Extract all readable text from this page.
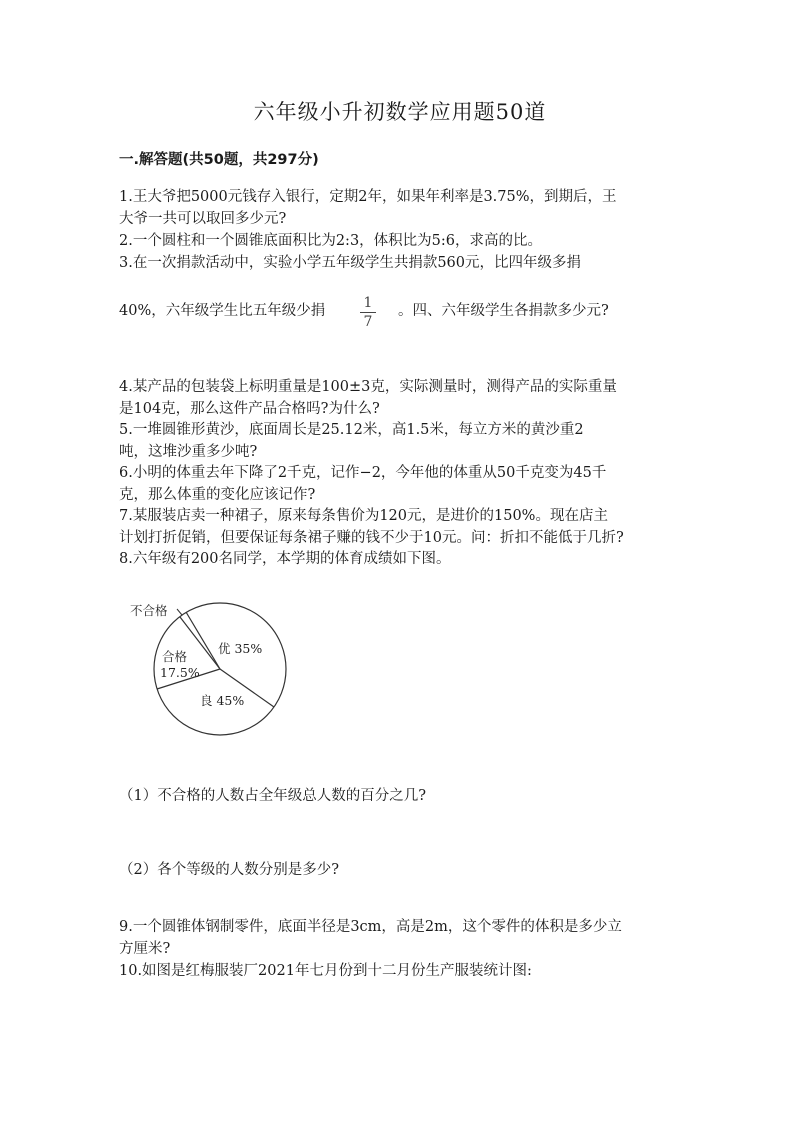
六年级小升初数学应用题50道
一.解答题(共50题，共297分)
1.王大爷把5000元钱存入银行，定期2年，如果年利率是3.75%，到期后，王
大爷一共可以取回多少元?
2.一个圆柱和一个圆锥底面积比为2:3，体积比为5:6，求高的比。
3.在一次捐款活动中，实验小学五年级学生共捐款560元，比四年级多捐
40%，六年级学生比五年级少捐	1
7
。四、六年级学生各捐款多少元?
4.某产品的包装袋上标明重量是100±3克，实际测量时，测得产品的实际重量
是104克，那么这件产品合格吗?为什么?
5.一堆圆锥形黄沙，底面周长是25.12米，高1.5米，每立方米的黄沙重2
吨，这堆沙重多少吨?
6.小明的体重去年下降了2千克，记作−2，今年他的体重从50千克变为45千
克，那么体重的变化应该记作?
7.某服装店卖一种裙子，原来每条售价为120元，是进价的150%。现在店主
计划打折促销，但要保证每条裙子赚的钱不少于10元。问：折扣不能低于几折?
8.六年级有200名同学，本学期的体育成绩如下图。
不合格
合格
17.5%
优 35%
良 45%
（1）不合格的人数占全年级总人数的百分之几?
（2）各个等级的人数分别是多少?
9.一个圆锥体钢制零件，底面半径是3cm，高是2m，这个零件的体积是多少立
方厘米?
10.如图是红梅服装厂2021年七月份到十二月份生产服装统计图:
